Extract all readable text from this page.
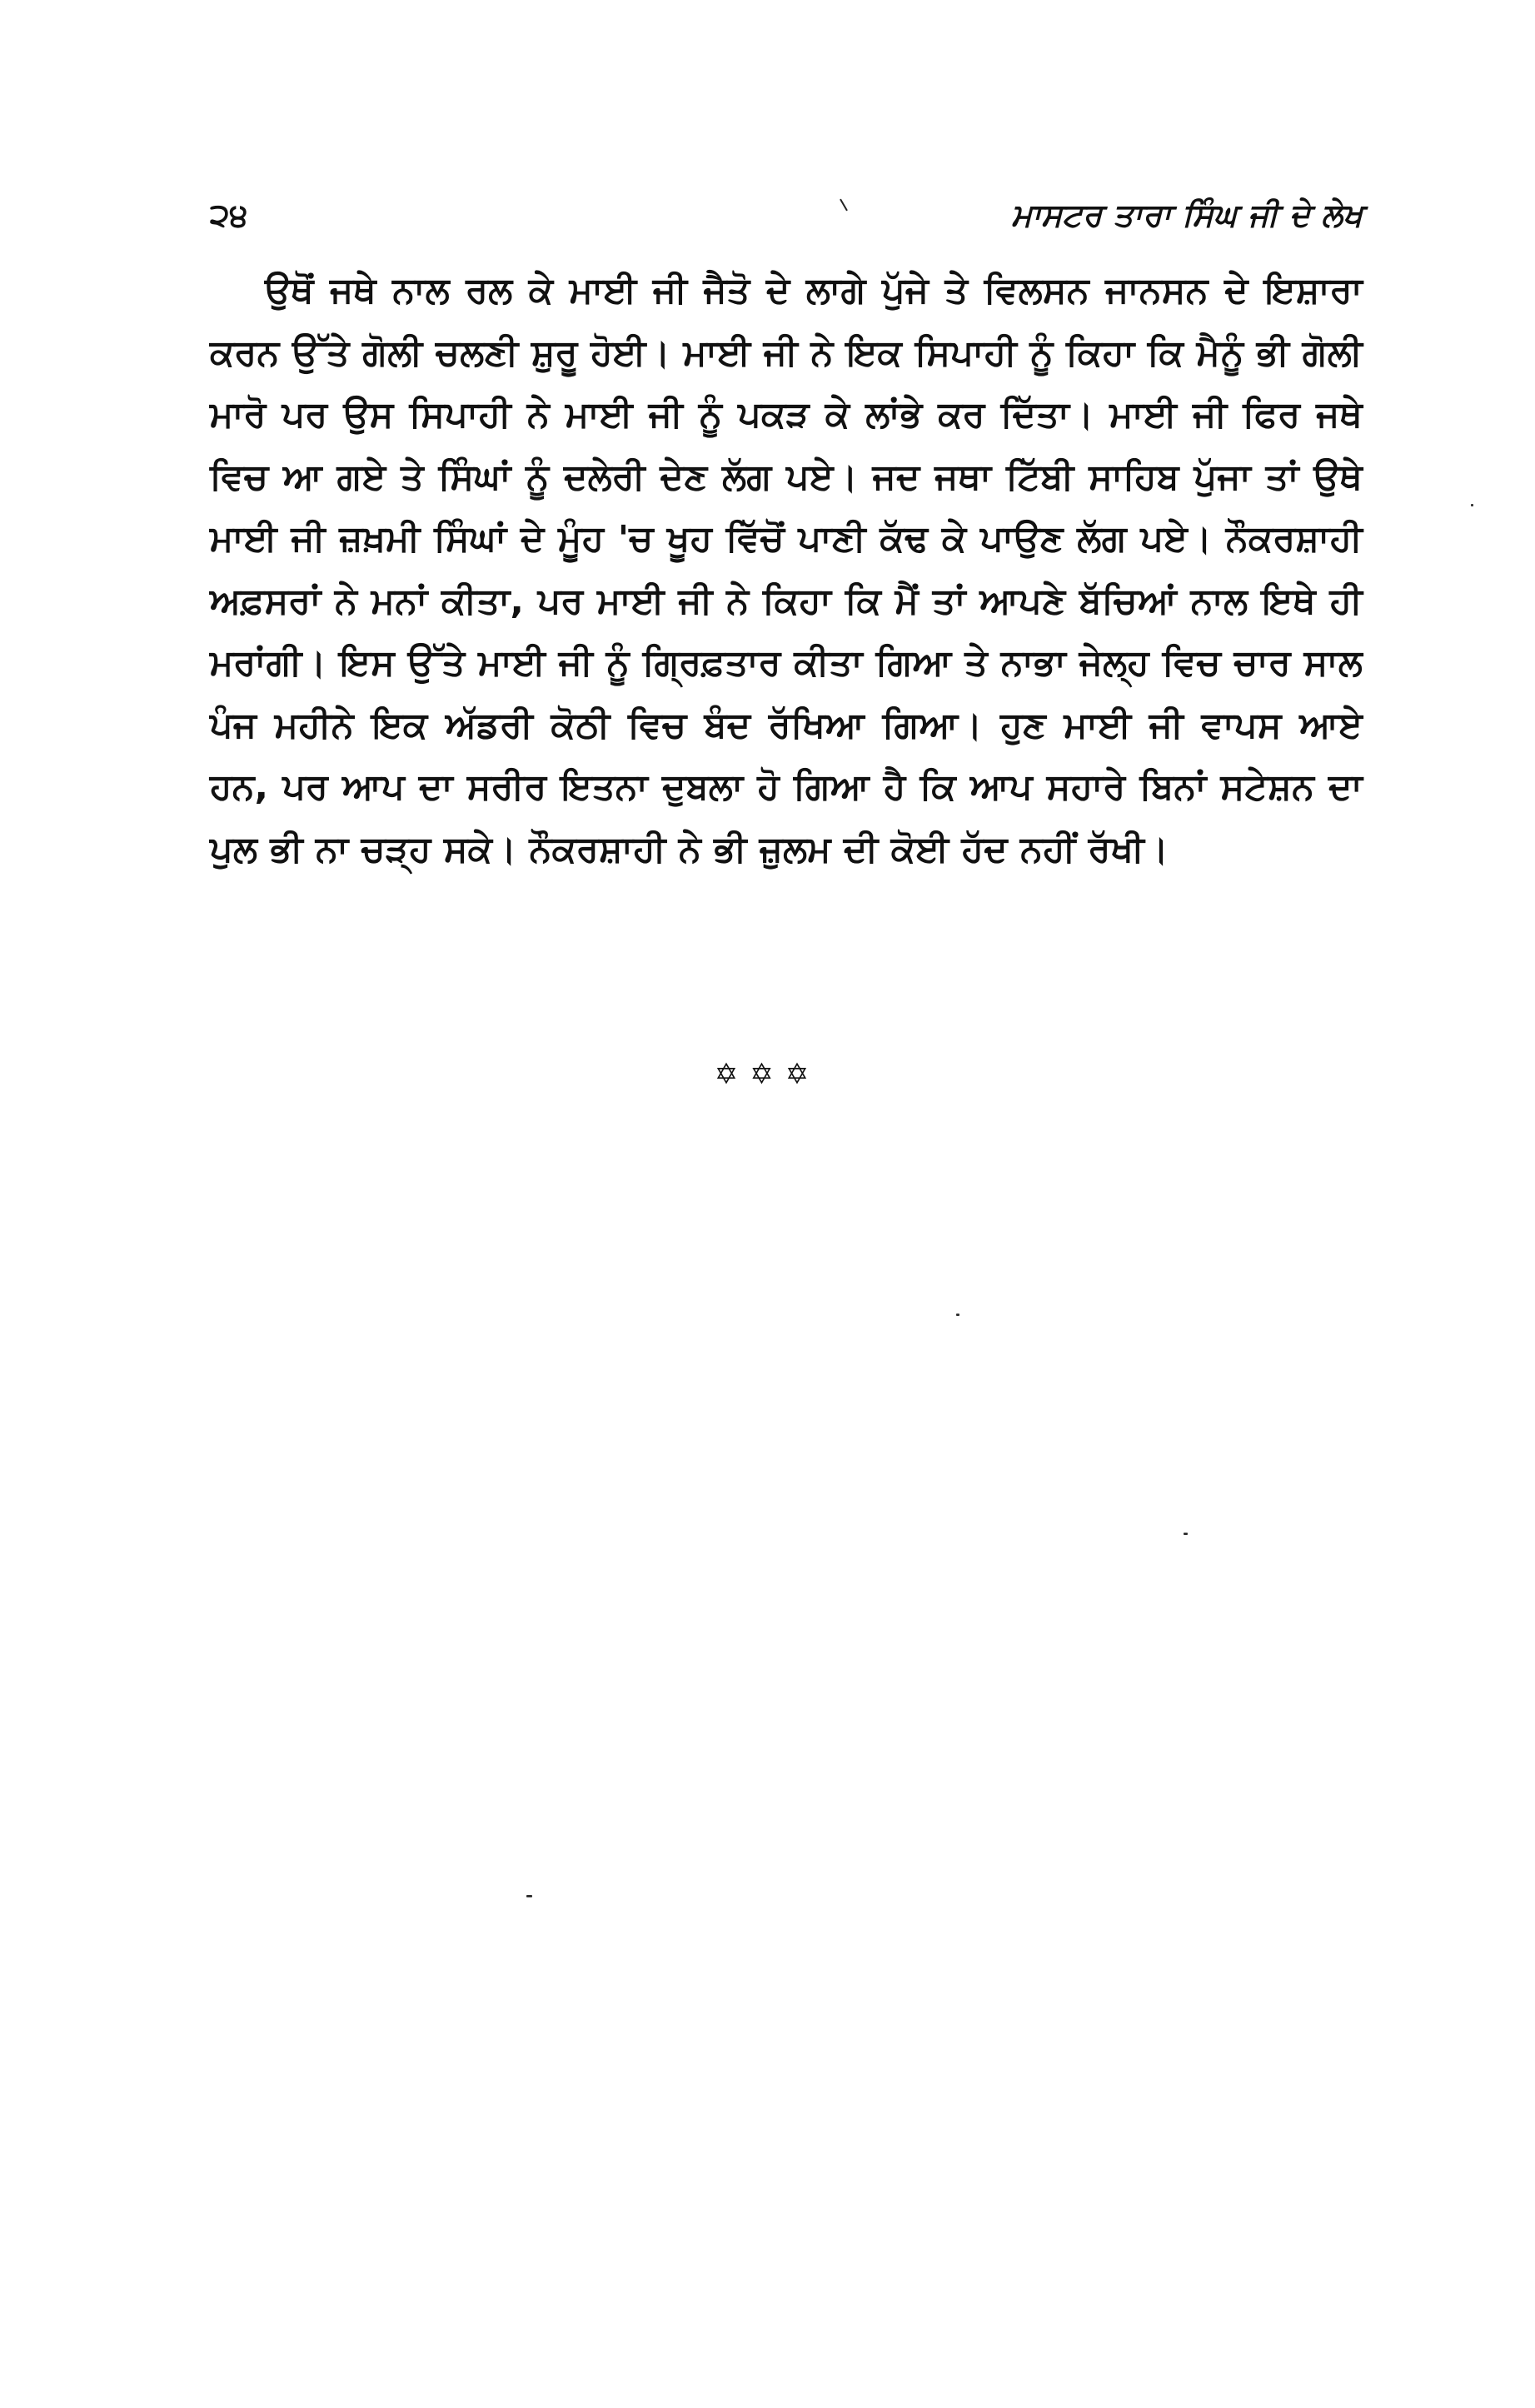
੨੪	ਮਾਸਟਰ ਤਾਰਾ ਸਿੰਘ ਜੀ ਦੇ ਲੇਖ

ਉਥੋਂ ਜਥੇ ਨਾਲ ਰਲ ਕੇ ਮਾਈ ਜੀ ਜੈਤੋ ਦੇ ਲਾਗੇ ਪੁੱਜੇ ਤੇ ਵਿਲਸਨ ਜਾਨਸਨ ਦੇ ਇਸ਼ਾਰਾ ਕਰਨ ਉੱਤੇ ਗੋਲੀ ਚਲਣੀ ਸ਼ੁਰੂ ਹੋਈ। ਮਾਈ ਜੀ ਨੇ ਇਕ ਸਿਪਾਹੀ ਨੂੰ ਕਿਹਾ ਕਿ ਮੈਨੂੰ ਭੀ ਗੋਲੀ ਮਾਰੋ ਪਰ ਉਸ ਸਿਪਾਹੀ ਨੇ ਮਾਈ ਜੀ ਨੂੰ ਪਕੜ ਕੇ ਲਾਂਭੇ ਕਰ ਦਿੱਤਾ। ਮਾਈ ਜੀ ਫਿਰ ਜਥੇ ਵਿਚ ਆ ਗਏ ਤੇ ਸਿੰਘਾਂ ਨੂੰ ਦਲੇਰੀ ਦੇਣ ਲੱਗ ਪਏ। ਜਦ ਜਥਾ ਟਿੱਬੀ ਸਾਹਿਬ ਪੁੱਜਾ ਤਾਂ ਉਥੇ ਮਾਈ ਜੀ ਜ਼ਖ਼ਮੀ ਸਿੰਘਾਂ ਦੇ ਮੂੰਹ 'ਚ ਖੂਹ ਵਿੱਚੋਂ ਪਾਣੀ ਕੱਢ ਕੇ ਪਾਉਣ ਲੱਗ ਪਏ। ਨੌਕਰਸ਼ਾਹੀ ਅਫ਼ਸਰਾਂ ਨੇ ਮਨਾਂ ਕੀਤਾ, ਪਰ ਮਾਈ ਜੀ ਨੇ ਕਿਹਾ ਕਿ ਮੈਂ ਤਾਂ ਆਪਣੇ ਬੱਚਿਆਂ ਨਾਲ ਇਥੇ ਹੀ ਮਰਾਂਗੀ। ਇਸ ਉੱਤੇ ਮਾਈ ਜੀ ਨੂੰ ਗ੍ਰਿਫ਼ਤਾਰ ਕੀਤਾ ਗਿਆ ਤੇ ਨਾਭਾ ਜੇਲ੍ਹ ਵਿਚ ਚਾਰ ਸਾਲ ਪੰਜ ਮਹੀਨੇ ਇਕ ਅੱਡਰੀ ਕੋਠੀ ਵਿਚ ਬੰਦ ਰੱਖਿਆ ਗਿਆ। ਹੁਣ ਮਾਈ ਜੀ ਵਾਪਸ ਆਏ ਹਨ, ਪਰ ਆਪ ਦਾ ਸਰੀਰ ਇਤਨਾ ਦੁਬਲਾ ਹੋ ਗਿਆ ਹੈ ਕਿ ਆਪ ਸਹਾਰੇ ਬਿਨਾਂ ਸਟੇਸ਼ਨ ਦਾ ਪੁਲ ਭੀ ਨਾ ਚੜ੍ਹ ਸਕੇ। ਨੌਕਰਸ਼ਾਹੀ ਨੇ ਭੀ ਜ਼ੁਲਮ ਦੀ ਕੋਈ ਹੱਦ ਨਹੀਂ ਰੱਖੀ।

✡✡✡
